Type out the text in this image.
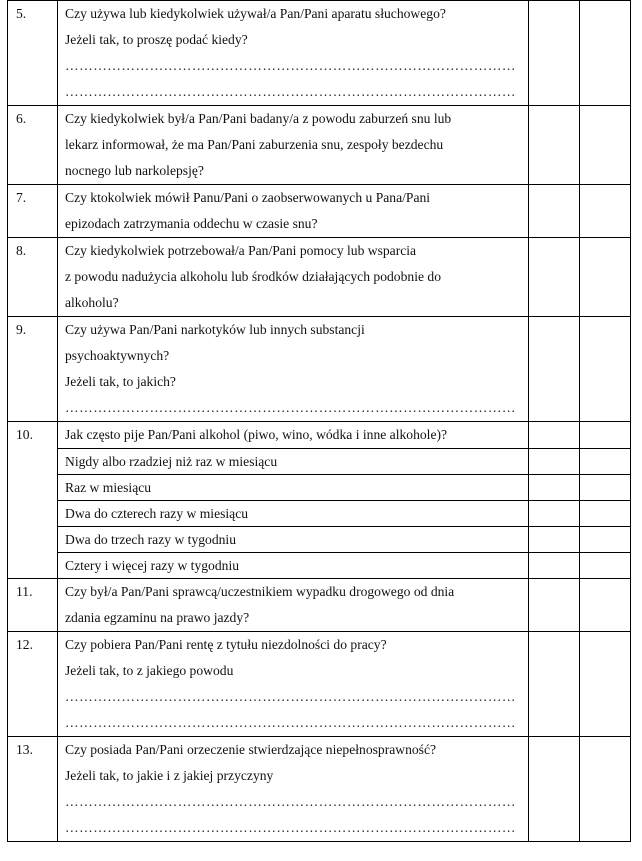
5.	Czy używa lub kiedykolwiek używał/a Pan/Pani aparatu słuchowego?
Jeżeli tak, to proszę podać kiedy?
……………………………………………………………………………………
……………………………………………………………………………………		

6.	Czy kiedykolwiek był/a Pan/Pani badany/a z powodu zaburzeń snu lub
lekarz informował, że ma Pan/Pani zaburzenia snu, zespoły bezdechu
nocnego lub narkolepsję?		

7.	Czy ktokolwiek mówił Panu/Pani o zaobserwowanych u Pana/Pani
epizodach zatrzymania oddechu w czasie snu?		

8.	Czy kiedykolwiek potrzebował/a Pan/Pani pomocy lub wsparcia
z powodu nadużycia alkoholu lub środków działających podobnie do
alkoholu?		

9.	Czy używa Pan/Pani narkotyków lub innych substancji
psychoaktywnych?
Jeżeli tak, to jakich?
……………………………………………………………………………………		

10.	Jak często pije Pan/Pani alkohol (piwo, wino, wódka i inne alkohole)?		

	Nigdy albo rzadziej niż raz w miesiącu		
	Raz w miesiącu		
	Dwa do czterech razy w miesiącu		
	Dwa do trzech razy w tygodniu		
	Cztery i więcej razy w tygodniu		

11.	Czy był/a Pan/Pani sprawcą/uczestnikiem wypadku drogowego od dnia
zdania egzaminu na prawo jazdy?		

12.	Czy pobiera Pan/Pani rentę z tytułu niezdolności do pracy?
Jeżeli tak, to z jakiego powodu
……………………………………………………………………………………
……………………………………………………………………………………		

13.	Czy posiada Pan/Pani orzeczenie stwierdzające niepełnosprawność?
Jeżeli tak, to jakie i z jakiej przyczyny
……………………………………………………………………………………
……………………………………………………………………………………		
